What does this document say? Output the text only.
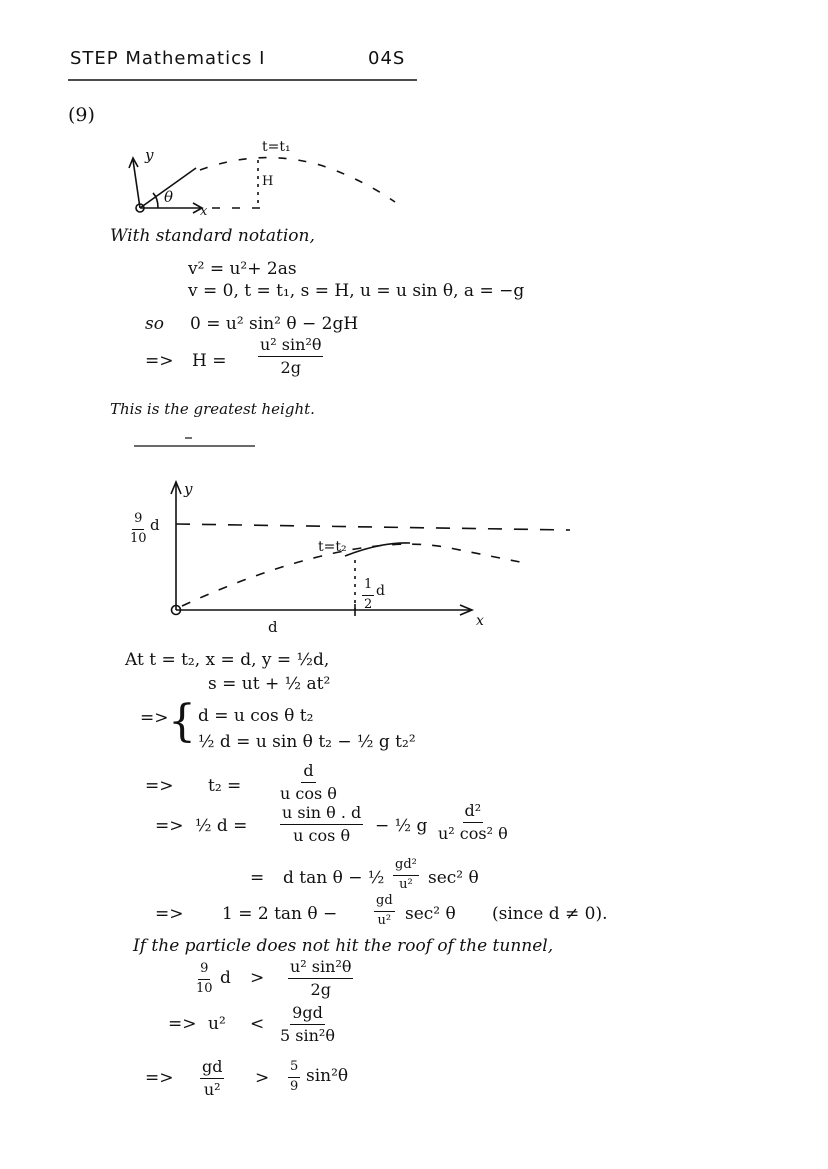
STEP Mathematics I	04S
(9)
y
x
θ
t=t₁
H
With standard notation,
v² = u²+ 2as
v = 0, t = t₁, s = H, u = u sin θ, a = −g
so 0 = u² sin² θ − 2gH
=> $H = \frac{\text{u² sin²θ}}{2g}$
This is the greatest height.
y
$\frac{9}{10}$ d
t=t₂
$\frac{1}{2}$ d
d	x
At t = t₂, x = d, y = ½d,
s = ut + ½ at²
=> { d = u cos θ t₂
½ d = u sin θ t₂ − ½ g t₂²
=> $t_2 = \frac{d}{\text{u cos θ}}$
=> ½ $d = \frac{\text{u sin θ . d}}{\text{u cos θ}}$ − ½ g $\frac{\text{d²}}{\text{u² cos² θ}}$
= d tan θ − ½ $\frac{\text{gd²}}{\text{u²}} \sec^2$ θ
=> 1 = 2 tan θ −	$\frac{gd}{\text{u²}} \sec^2$ θ (since d ≠ 0).
If the particle does not hit the roof of the tunnel,
$\frac{9}{10}$ $d > \frac{\text{u² sin²θ}}{2g}$
=> $u^2 < \frac{9gd}{\text{5 sin²θ}}$
=> $\frac{gd}{\text{u²}} > \frac{5}{9} \sin^2\theta$
